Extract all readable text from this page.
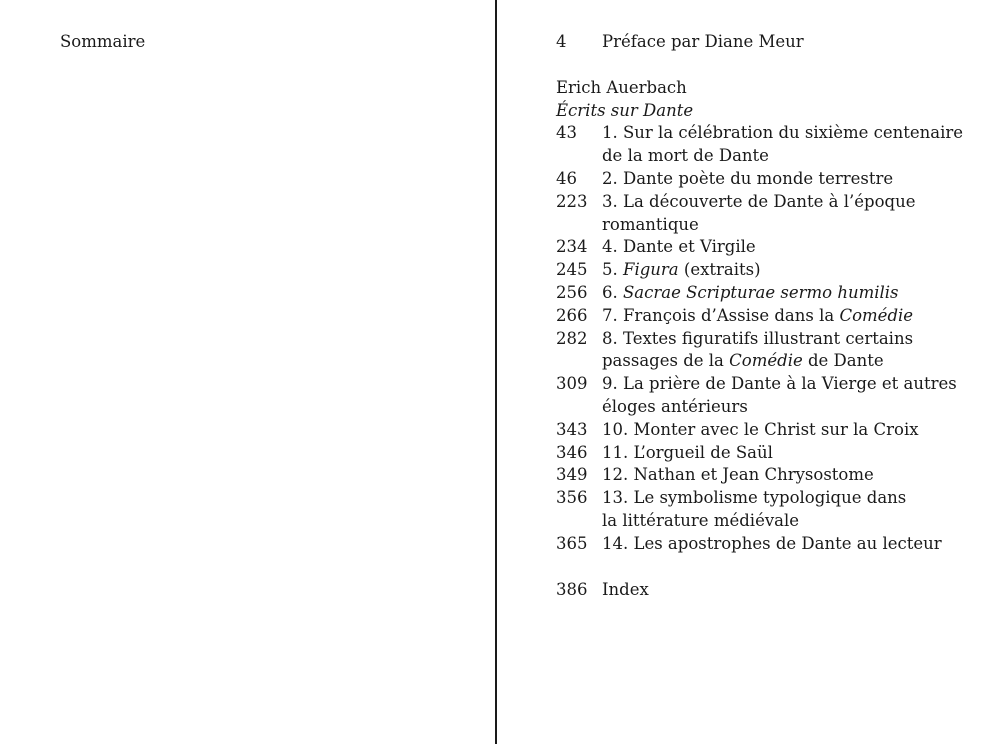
Sommaire	4	Préface par Diane Meur
Erich Auerbach
Écrits sur Dante
43	1. Sur la célébration du sixième centenaire
de la mort de Dante
46	2. Dante poète du monde terrestre
223 3. La découverte de Dante à l’époque
romantique
234 4. Dante et Virgile
245 5. Figura (extraits)
256 6. Sacrae Scripturae sermo humilis
266 7. François d’Assise dans la Comédie
282 8. Textes figuratifs illustrant certains
passages de la Comédie de Dante
309 9. La prière de Dante à la Vierge et autres
éloges antérieurs
343 10. Monter avec le Christ sur la Croix
346 11. L’orgueil de Saül
349 12. Nathan et Jean Chrysostome
356 13. Le symbolisme typologique dans
la littérature médiévale
365 14. Les apostrophes de Dante au lecteur
386 Index
